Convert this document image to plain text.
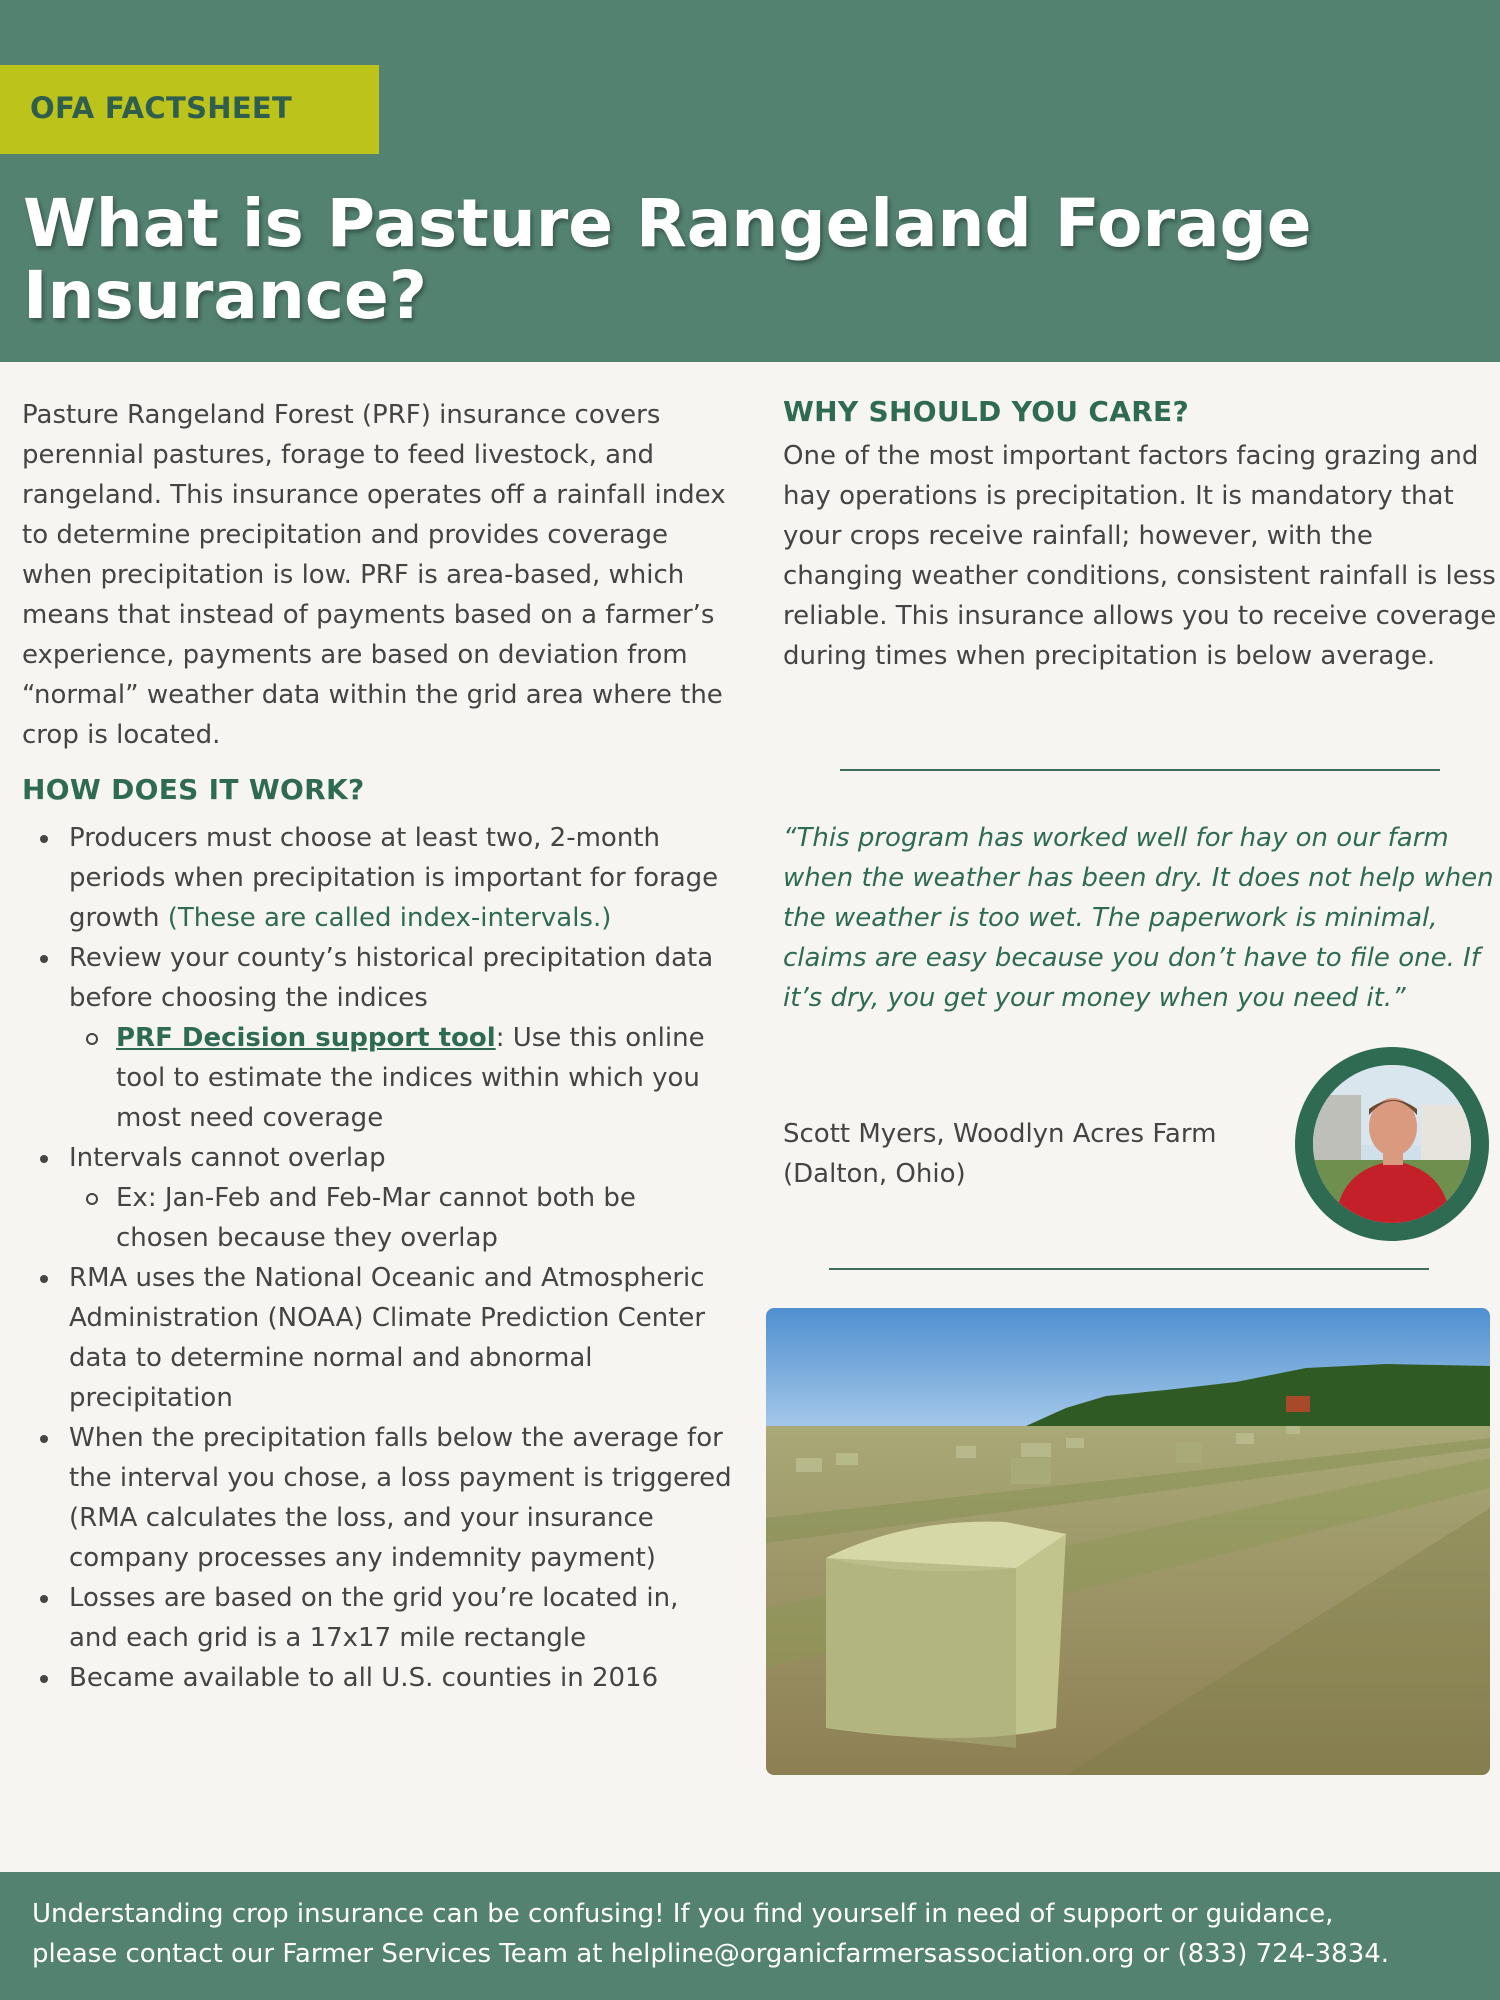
OFA FACTSHEET
What is Pasture Rangeland Forage Insurance?

Pasture Rangeland Forest (PRF) insurance covers perennial pastures, forage to feed livestock, and rangeland. This insurance operates off a rainfall index to determine precipitation and provides coverage when precipitation is low. PRF is area-based, which means that instead of payments based on a farmer’s experience, payments are based on deviation from “normal” weather data within the grid area where the crop is located.

HOW DOES IT WORK?
Producers must choose at least two, 2-month periods when precipitation is important for forage growth (These are called index-intervals.)
Review your county’s historical precipitation data before choosing the indices
PRF Decision support tool: Use this online tool to estimate the indices within which you most need coverage
Intervals cannot overlap
Ex: Jan-Feb and Feb-Mar cannot both be chosen because they overlap
RMA uses the National Oceanic and Atmospheric Administration (NOAA) Climate Prediction Center data to determine normal and abnormal precipitation
When the precipitation falls below the average for the interval you chose, a loss payment is triggered (RMA calculates the loss, and your insurance company processes any indemnity payment)
Losses are based on the grid you’re located in, and each grid is a 17x17 mile rectangle
Became available to all U.S. counties in 2016
WHY SHOULD YOU CARE?

One of the most important factors facing grazing and hay operations is precipitation. It is mandatory that your crops receive rainfall; however, with the changing weather conditions, consistent rainfall is less reliable. This insurance allows you to receive coverage during times when precipitation is below average.

“This program has worked well for hay on our farm when the weather has been dry. It does not help when the weather is too wet. The paperwork is minimal, claims are easy because you don’t have to file one. If it’s dry, you get your money when you need it.”

Scott Myers, Woodlyn Acres Farm
(Dalton, Ohio)

Understanding crop insurance can be confusing! If you find yourself in need of support or guidance,
please contact our Farmer Services Team at helpline@organicfarmersassociation.org or (833) 724-3834.
